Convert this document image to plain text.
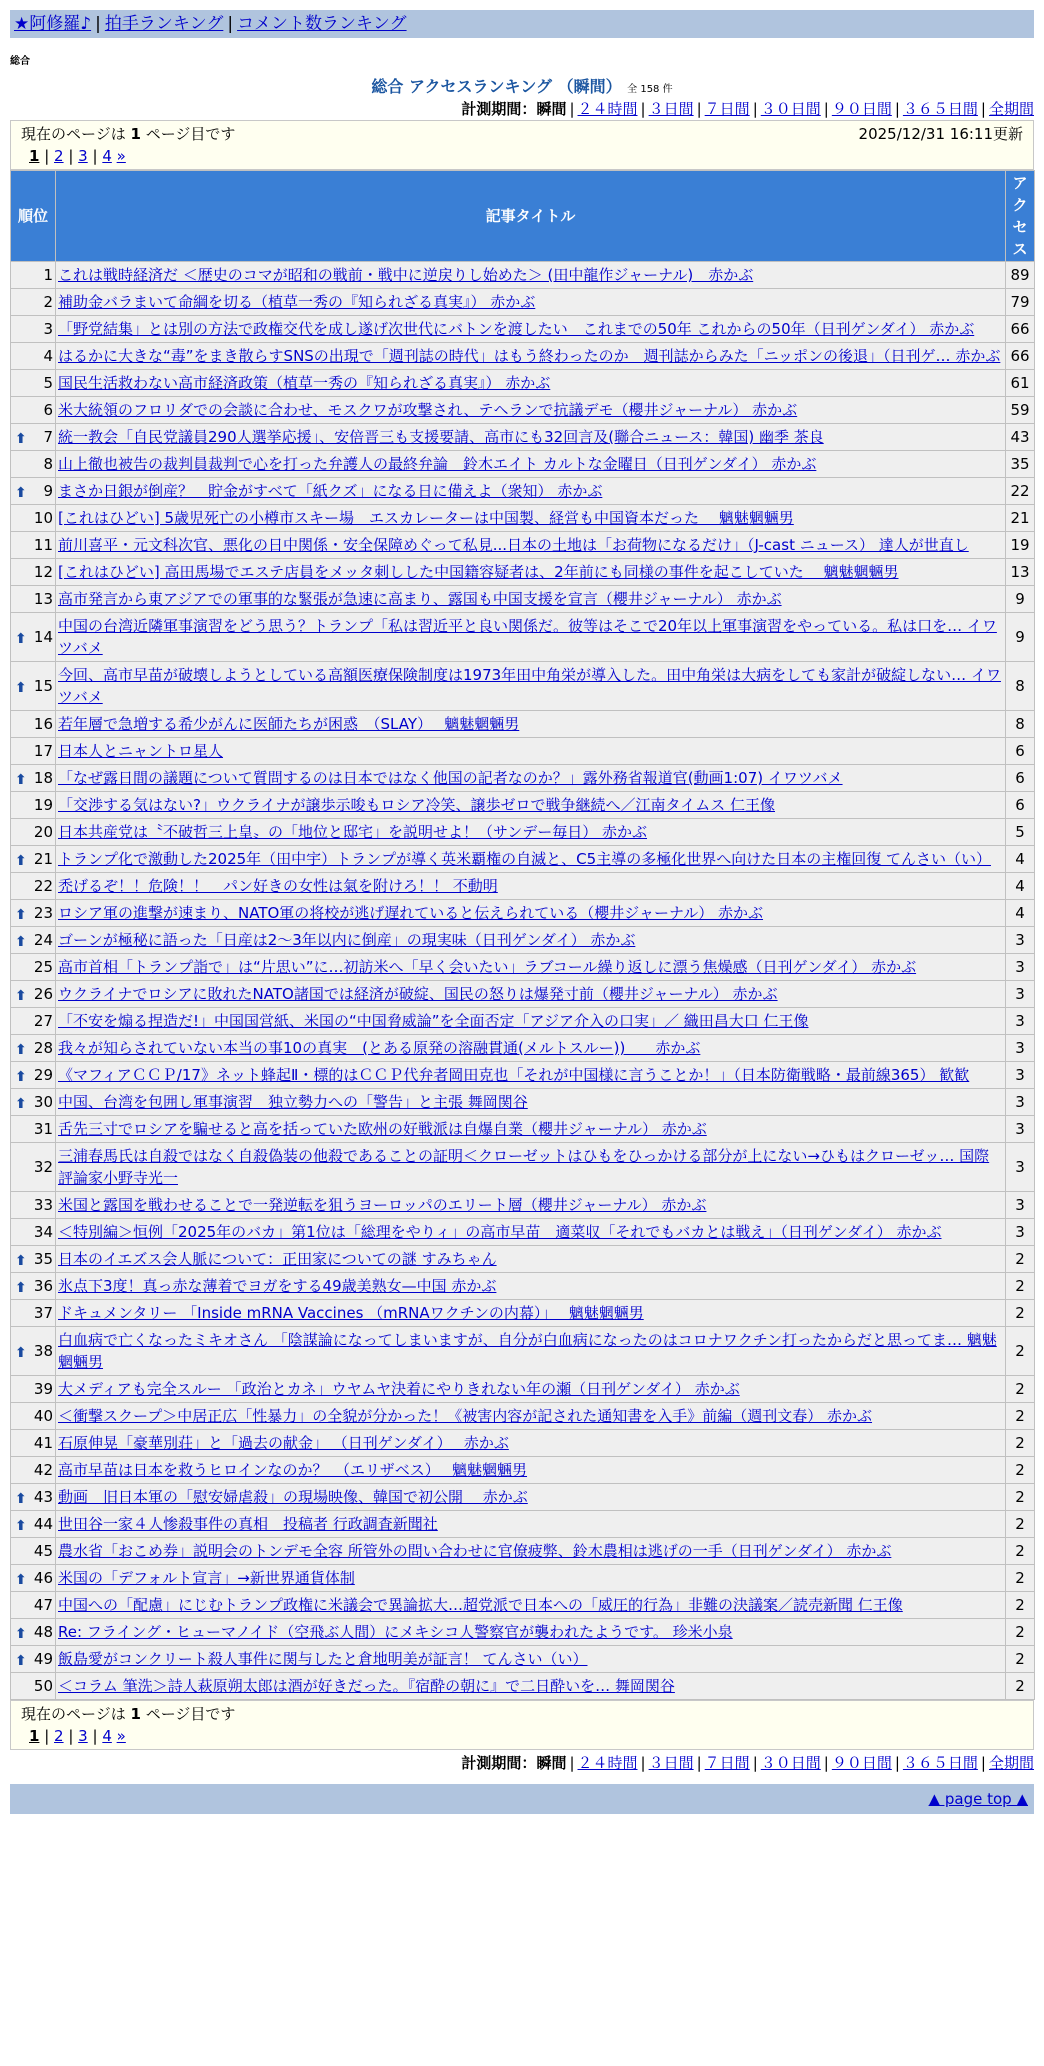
★阿修羅♪ | 拍手ランキング | コメント数ランキング
総合
総合 アクセスランキング （瞬間） 全 158 件
計測期間：瞬間 | ２４時間 | ３日間 | ７日間 | ３０日間 | ９０日間 | ３６５日間 | 全期間
現在のページは 1 ページ目です	2025/12/31 16:11更新
1 | 2 | 3 | 4 »
順位	記事タイトル	アクセス
1	これは戦時経済だ ＜歴史のコマが昭和の戦前・戦中に逆戻りし始めた＞ (田中龍作ジャーナル)　赤かぶ	89
2	補助金バラまいて命綱を切る（植草一秀の『知られざる真実』） 赤かぶ	79
3	「野党結集」とは別の方法で政権交代を成し遂げ次世代にバトンを渡したい　これまでの50年 これからの50年（日刊ゲンダイ） 赤かぶ	66
4	はるかに大きな“毒”をまき散らすSNSの出現で「週刊誌の時代」はもう終わったのか　週刊誌からみた「ニッポンの後退」（日刊ゲ… 赤かぶ	66
5	国民生活救わない高市経済政策（植草一秀の『知られざる真実』） 赤かぶ	61
6	米大統領のフロリダでの会談に合わせ、モスクワが攻撃され、テヘランで抗議デモ（櫻井ジャーナル） 赤かぶ	59

⬆ 7	統一教会「自民党議員290人選挙応援」、安倍晋三も支援要請、高市にも32回言及(聯合ニュース：韓国) 幽季 茶良	43
8	山上徹也被告の裁判員裁判で心を打った弁護人の最終弁論　鈴木エイト カルトな金曜日（日刊ゲンダイ） 赤かぶ	35

⬆ 9	まさか日銀が倒産？　貯金がすべて「紙クズ」になる日に備えよ（衆知） 赤かぶ	22
10	[これはひどい] 5歳児死亡の小樽市スキー場　エスカレーターは中国製、経営も中国資本だった　 魑魅魍魎男	21
11	前川喜平・元文科次官、悪化の日中関係・安全保障めぐって私見...日本の土地は「お荷物になるだけ」（J-cast ニュース） 達人が世直し	19
12	[これはひどい] 高田馬場でエステ店員をメッタ刺しした中国籍容疑者は、2年前にも同様の事件を起こしていた　 魑魅魍魎男	13
13	高市発言から東アジアでの軍事的な緊張が急速に高まり、露国も中国支援を宣言（櫻井ジャーナル） 赤かぶ	9

⬆ 14	中国の台湾近隣軍事演習をどう思う？トランプ「私は習近平と良い関係だ。彼等はそこで20年以上軍事演習をやっている。私は口を… イワツバメ	9

⬆ 15	今回、高市早苗が破壊しようとしている高額医療保険制度は1973年田中角栄が導入した。田中角栄は大病をしても家計が破綻しない… イワツバメ	8
16	若年層で急増する希少がんに医師たちが困惑　（SLAY）　 魑魅魍魎男	8
17	日本人とニャントロ星人	6

⬆ 18	「なぜ露日間の議題について質問するのは日本ではなく他国の記者なのか？」露外務省報道官(動画1:07) イワツバメ	6
19	「交渉する気はない?」ウクライナが譲歩示唆もロシア冷笑、譲歩ゼロで戦争継続へ／江南タイムス 仁王像	6
20	日本共産党は〝不破哲三上皇〟の「地位と邸宅」を説明せよ！（サンデー毎日） 赤かぶ	5

⬆ 21	トランプ化で激動した2025年（田中宇）トランプが導く英米覇権の自滅と、C5主導の多極化世界へ向けた日本の主権回復 てんさい（い）	4
22	禿げるぞ！！危険！！　パン好きの女性は氣を附けろ！！ 不動明	4

⬆ 23	ロシア軍の進撃が速まり、NATO軍の将校が逃げ遅れていると伝えられている（櫻井ジャーナル） 赤かぶ	4

⬆ 24	ゴーンが極秘に語った「日産は2～3年以内に倒産」の現実味（日刊ゲンダイ） 赤かぶ	3
25	高市首相「トランプ詣で」は“片思い”に…初訪米へ「早く会いたい」ラブコール繰り返しに漂う焦燥感（日刊ゲンダイ） 赤かぶ	3

⬆ 26	ウクライナでロシアに敗れたNATO諸国では経済が破綻、国民の怒りは爆発寸前（櫻井ジャーナル） 赤かぶ	3
27	「不安を煽る捏造だ!」中国国営紙、米国の“中国脅威論”を全面否定「アジア介入の口実」／ 織田昌大口 仁王像	3

⬆ 28	我々が知らされていない本当の事10の真実　(とある原発の溶融貫通(メルトスルー))　　赤かぶ	3

⬆ 29	《マフィアＣＣＰ/17》ネット蜂起Ⅱ・標的はＣＣＰ代弁者岡田克也「それが中国様に言うことか！」（日本防衛戦略・最前線365） 歓歓	3

⬆ 30	中国、台湾を包囲し軍事演習　独立勢力への「警告」と主張 舞岡関谷	3
31	舌先三寸でロシアを騙せると高を括っていた欧州の好戦派は自爆自業（櫻井ジャーナル） 赤かぶ	3
32	三浦春馬氏は自殺ではなく自殺偽装の他殺であることの証明＜クローゼットはひもをひっかける部分が上にない→ひもはクローゼッ… 国際評論家小野寺光一	3
33	米国と露国を戦わせることで一発逆転を狙うヨーロッパのエリート層（櫻井ジャーナル） 赤かぶ	3
34	＜特別編＞恒例「2025年のバカ」第1位は「総理をやりィ」の高市早苗　適菜収「それでもバカとは戦え」（日刊ゲンダイ） 赤かぶ	3

⬆ 35	日本のイエズス会人脈について：正田家についての謎 すみちゃん	2

⬆ 36	氷点下3度！真っ赤な薄着でヨガをする49歳美熟女—中国 赤かぶ	2
37	ドキュメンタリー 「Inside mRNA Vaccines （mRNAワクチンの内幕）」　 魑魅魍魎男	2

⬆ 38	白血病で亡くなったミキオさん 「陰謀論になってしまいますが、自分が白血病になったのはコロナワクチン打ったからだと思ってま… 魑魅魍魎男	2
39	大メディアも完全スルー 「政治とカネ」ウヤムヤ決着にやりきれない年の瀬（日刊ゲンダイ） 赤かぶ	2
40	＜衝撃スクープ＞中居正広「性暴力」の全貌が分かった！《被害内容が記された通知書を入手》前編（週刊文春） 赤かぶ	2
41	石原伸晃「豪華別荘」と「過去の献金」 （日刊ゲンダイ）　 赤かぶ	2
42	高市早苗は日本を救うヒロインなのか？　（エリザベス）　 魑魅魍魎男	2

⬆ 43	動画　旧日本軍の「慰安婦虐殺」の現場映像、韓国で初公開　 赤かぶ	2

⬆ 44	世田谷一家４人惨殺事件の真相　投稿者 行政調査新聞社	2
45	農水省「おこめ券」説明会のトンデモ全容 所管外の問い合わせに官僚疲弊、鈴木農相は逃げの一手（日刊ゲンダイ） 赤かぶ	2

⬆ 46	米国の「デフォルト宣言」→新世界通貨体制	2
47	中国への「配慮」にじむトランプ政権に米議会で異論拡大…超党派で日本への「威圧的行為」非難の決議案／読売新聞 仁王像	2

⬆ 48	Re: フライング・ヒューマノイド（空飛ぶ人間）にメキシコ人警察官が襲われたようです。 珍米小泉	2

⬆ 49	飯島愛がコンクリート殺人事件に関与したと倉地明美が証言！ てんさい（い）	2
50	＜コラム 筆洗＞詩人萩原朔太郎は酒が好きだった。『宿酔の朝に』で二日酔いを… 舞岡関谷	2
現在のページは 1 ページ目です
1 | 2 | 3 | 4 »
計測期間：瞬間 | ２４時間 | ３日間 | ７日間 | ３０日間 | ９０日間 | ３６５日間 | 全期間
▲ page top ▲
